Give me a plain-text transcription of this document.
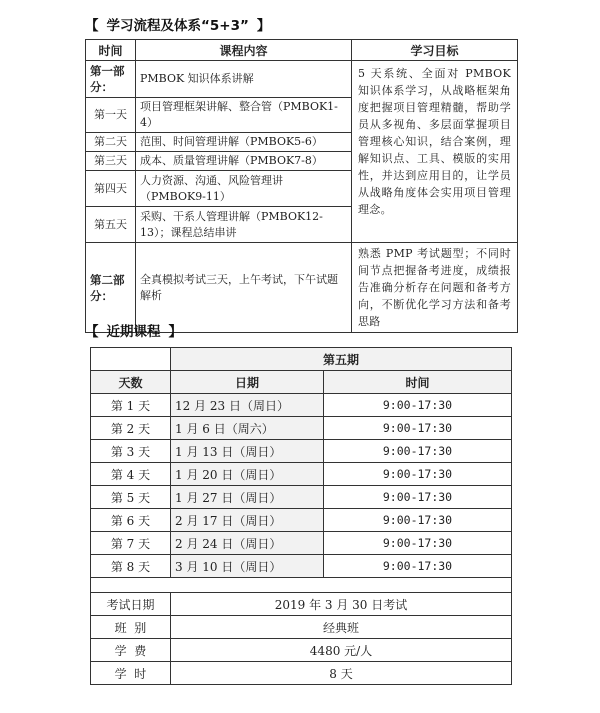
【 学习流程及体系“5+3” 】
时间	课程内容	学习目标
第一部分：	PMBOK 知识体系讲解	5 天系统、全面对 PMBOK 知识体系学习，从战略框架角度把握项目管理精髓，帮助学员从多视角、多层面掌握项目管理核心知识，结合案例，理解知识点、工具、模版的实用性，并达到应用目的，让学员从战略角度体会实用项目管理理念。
第一天	项目管理框架讲解、整合管（PMBOK1-4）	
第二天	范围、时间管理讲解（PMBOK5-6）	
第三天	成本、质量管理讲解（PMBOK7-8）	
第四天	人力资源、沟通、风险管理讲（PMBOK9-11）	
第五天	采购、干系人管理讲解（PMBOK12-13）；课程总结串讲	
第二部分：	全真模拟考试三天，上午考试，下午试题解析	熟悉 PMP 考试题型；不同时间节点把握备考进度，成绩报告准确分析存在问题和备考方向，不断优化学习方法和备考思路
【 近期课程 】
	第五期	
天数	日期	时间
第 1 天	12 月 23 日（周日）	9:00-17:30
第 2 天	1 月 6 日（周六）	9:00-17:30
第 3 天	1 月 13 日（周日）	9:00-17:30
第 4 天	1 月 20 日（周日）	9:00-17:30
第 5 天	1 月 27 日（周日）	9:00-17:30
第 6 天	2 月 17 日（周日）	9:00-17:30
第 7 天	2 月 24 日（周日）	9:00-17:30
第 8 天	3 月 10 日（周日）	9:00-17:30

考试日期	2019 年 3 月 30 日考试	
班  别	经典班	
学  费	4480 元/人	
学  时	8 天	
